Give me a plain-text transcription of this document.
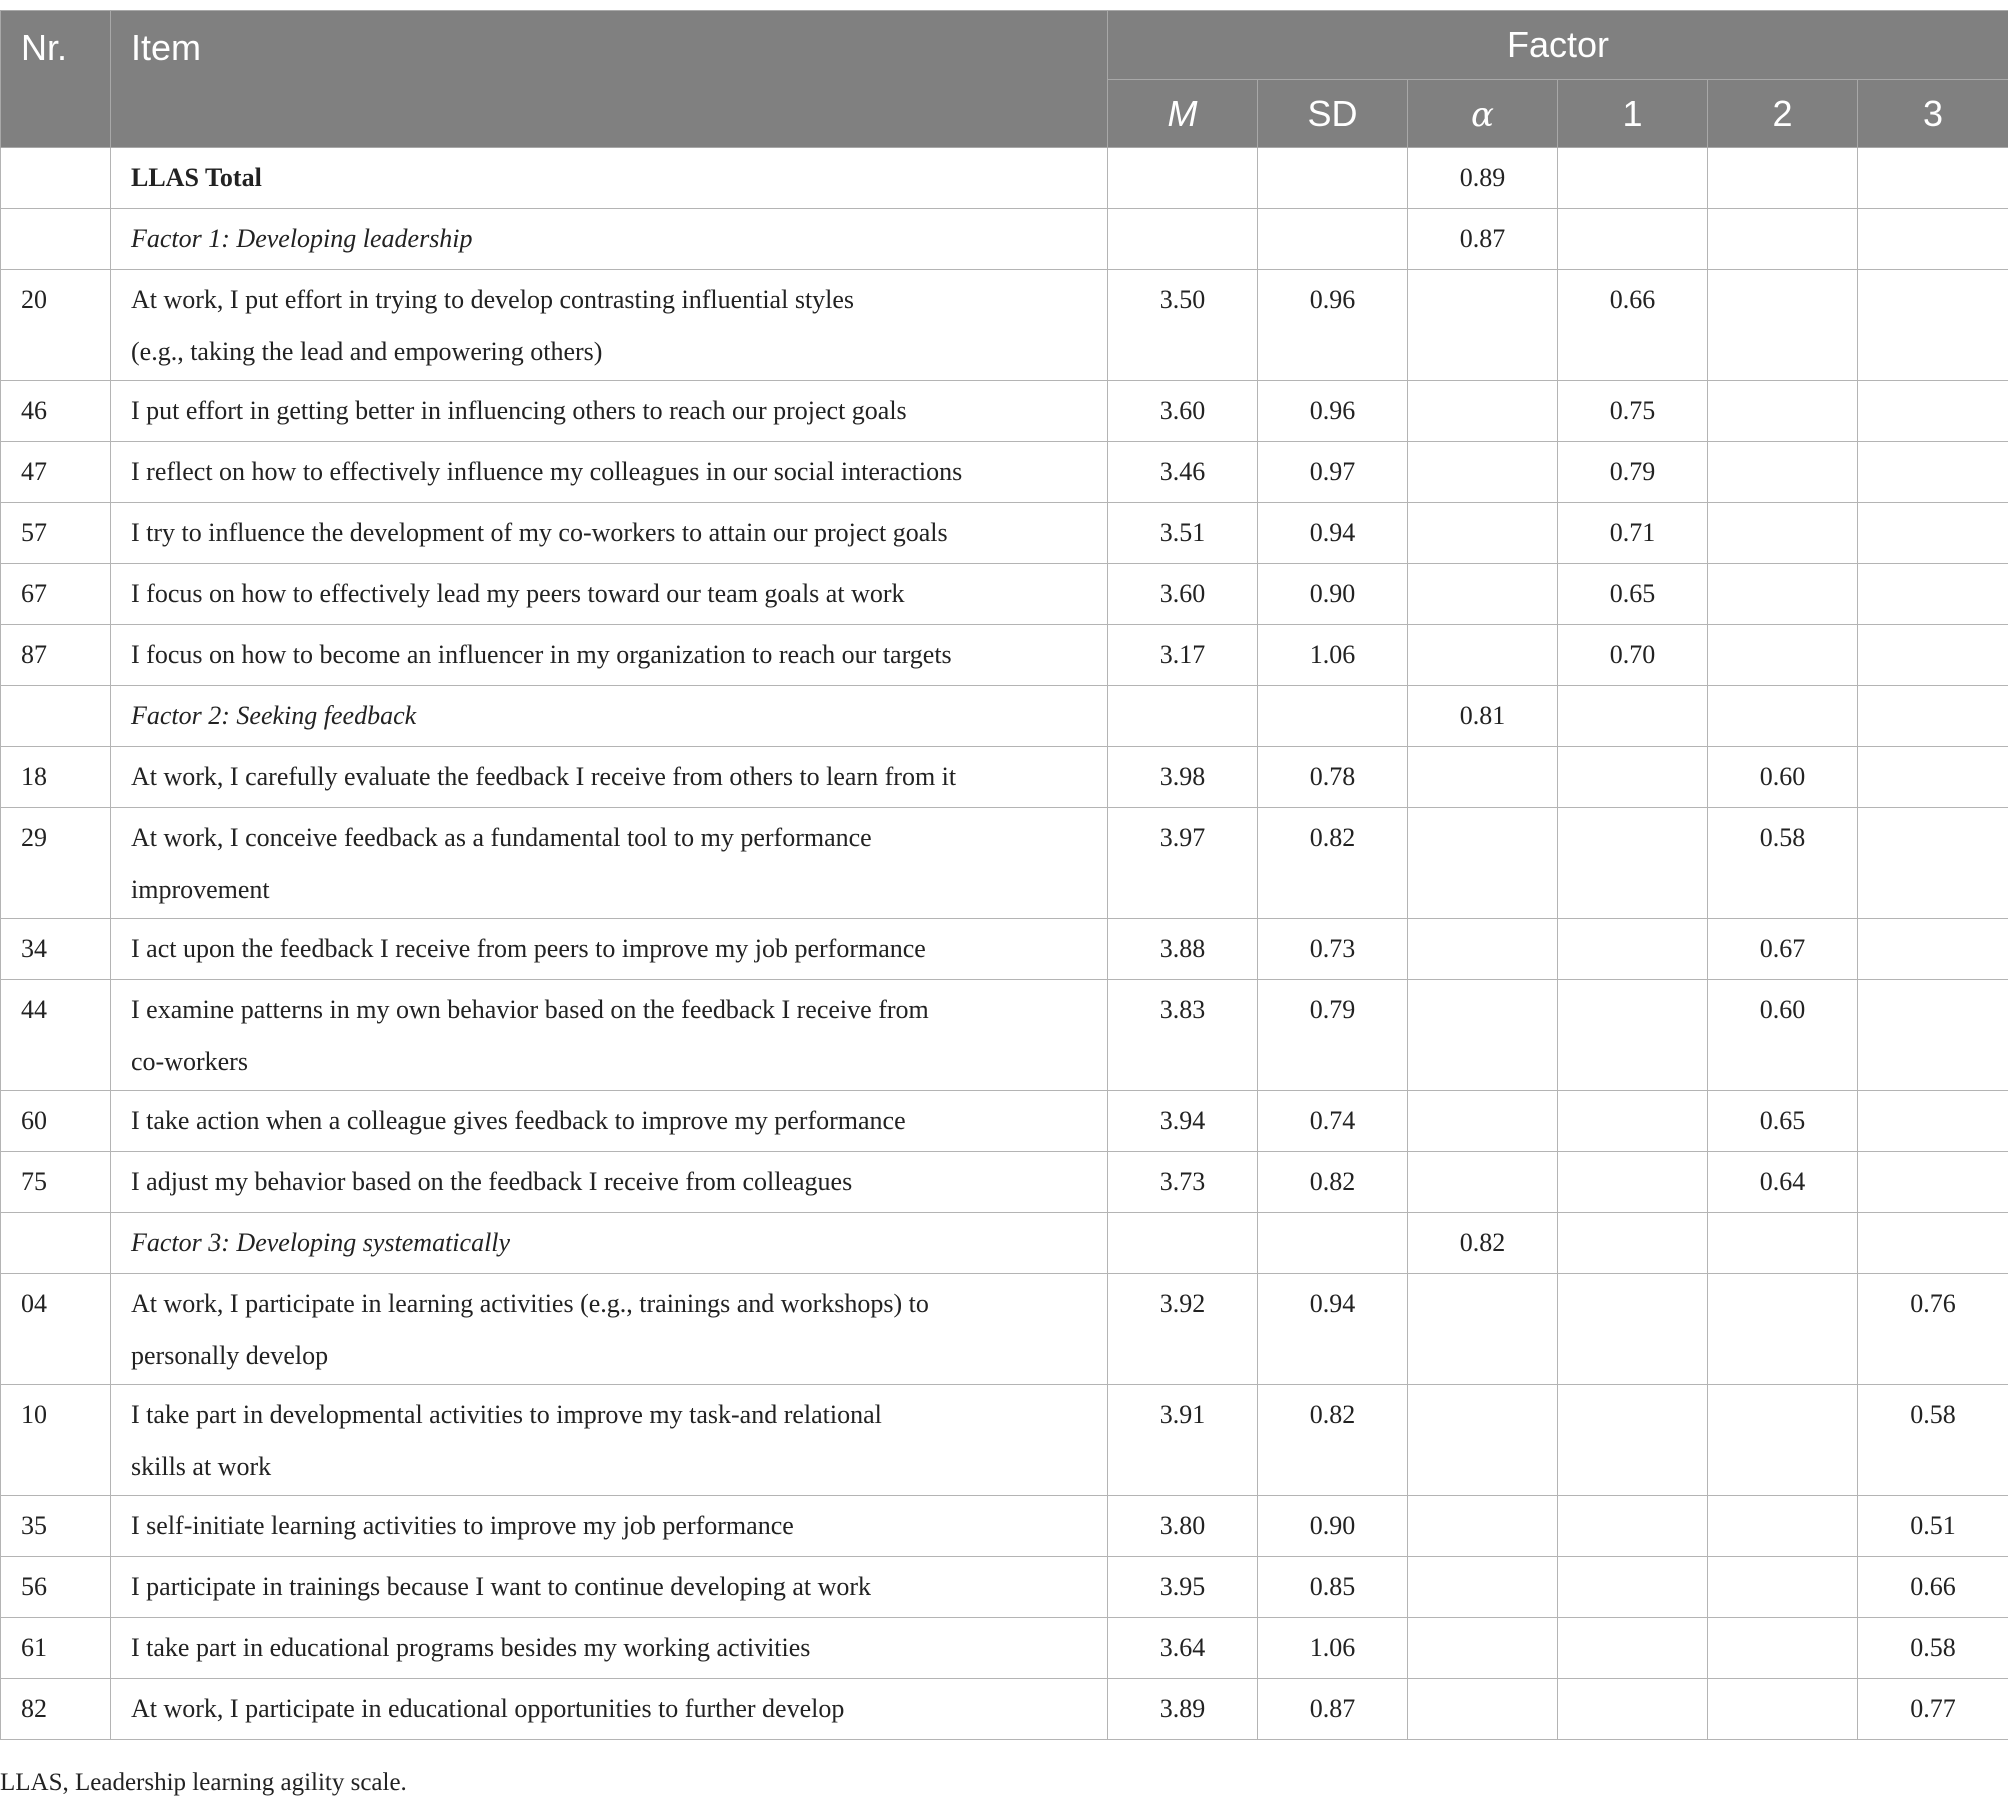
Nr.	Item	Factor					
		M	SD	α	1	2	3
	LLAS Total			0.89			
	Factor 1: Developing leadership			0.87			
20	At work, I put effort in trying to develop contrasting influential styles
(e.g., taking the lead and empowering others)	3.50	0.96		0.66		
46	I put effort in getting better in influencing others to reach our project goals	3.60	0.96		0.75		
47	I reflect on how to effectively influence my colleagues in our social interactions	3.46	0.97		0.79		
57	I try to influence the development of my co-workers to attain our project goals	3.51	0.94		0.71		
67	I focus on how to effectively lead my peers toward our team goals at work	3.60	0.90		0.65		
87	I focus on how to become an influencer in my organization to reach our targets	3.17	1.06		0.70		
	Factor 2: Seeking feedback			0.81			
18	At work, I carefully evaluate the feedback I receive from others to learn from it	3.98	0.78			0.60	
29	At work, I conceive feedback as a fundamental tool to my performance
improvement	3.97	0.82			0.58	
34	I act upon the feedback I receive from peers to improve my job performance	3.88	0.73			0.67	
44	I examine patterns in my own behavior based on the feedback I receive from
co-workers	3.83	0.79			0.60	
60	I take action when a colleague gives feedback to improve my performance	3.94	0.74			0.65	
75	I adjust my behavior based on the feedback I receive from colleagues	3.73	0.82			0.64	
	Factor 3: Developing systematically			0.82			
04	At work, I participate in learning activities (e.g., trainings and workshops) to
personally develop	3.92	0.94				0.76
10	I take part in developmental activities to improve my task-and relational
skills at work	3.91	0.82				0.58
35	I self-initiate learning activities to improve my job performance	3.80	0.90				0.51
56	I participate in trainings because I want to continue developing at work	3.95	0.85				0.66
61	I take part in educational programs besides my working activities	3.64	1.06				0.58
82	At work, I participate in educational opportunities to further develop	3.89	0.87				0.77
LLAS, Leadership learning agility scale.
